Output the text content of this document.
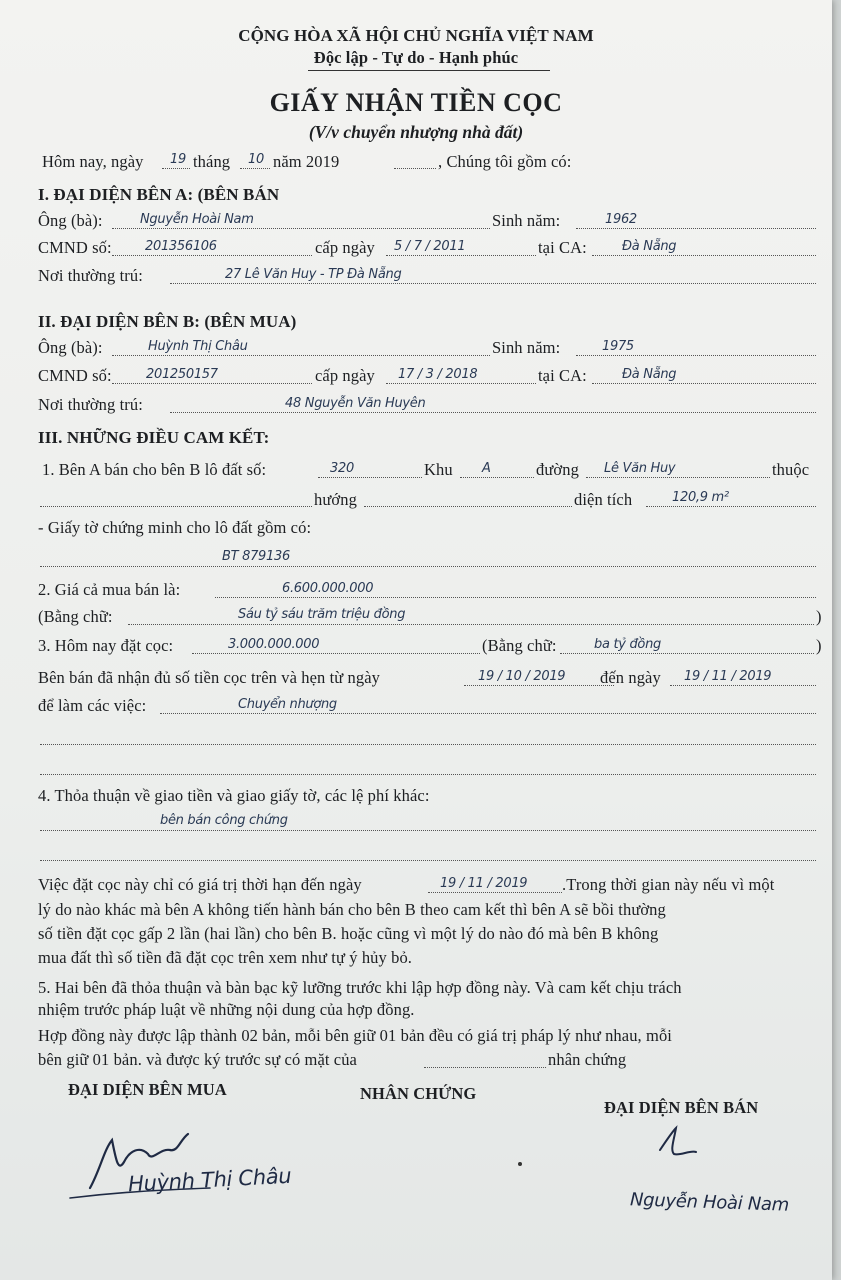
CỘNG HÒA XÃ HỘI CHỦ NGHĨA VIỆT NAM
Độc lập - Tự do - Hạnh phúc
GIẤY NHẬN TIỀN CỌC
(V/v chuyển nhượng nhà đất)
Hôm nay, ngày 19 tháng 10 năm 2019	, Chúng tôi gồm có:
I. ĐẠI DIỆN BÊN A: (BÊN BÁN
Ông (bà):	Nguyễn Hoài Nam	Sinh năm:	1962
CMND số:	201356106	cấp ngày 5 / 7 / 2011	tại CA:	Đà Nẵng
Nơi thường trú:	27 Lê Văn Huy - TP Đà Nẵng
II. ĐẠI DIỆN BÊN B: (BÊN MUA)
Ông (bà):	Huỳnh Thị Châu	Sinh năm:	1975
CMND số:	201250157	cấp ngày 17 / 3 / 2018	tại CA:	Đà Nẵng
Nơi thường trú:	48 Nguyễn Văn Huyên
III. NHỮNG ĐIỀU CAM KẾT:
1. Bên A bán cho bên B lô đất số:	320	Khu A	đường Lê Văn Huy	thuộc
hướng	diện tích	120,9 m²
- Giấy tờ chứng minh cho lô đất gồm có:
BT 879136
2. Giá cả mua bán là:	6.600.000.000
(Bằng chữ:	Sáu tỷ sáu trăm triệu đồng	)
3. Hôm nay đặt cọc:	3.000.000.000	(Bằng chữ:	ba tỷ đồng	)
Bên bán đã nhận đủ số tiền cọc trên và hẹn từ ngày	19 / 10 / 2019 đến ngày 19 / 11 / 2019
để làm các việc:	Chuyển nhượng
4. Thỏa thuận về giao tiền và giao giấy tờ, các lệ phí khác:
bên bán công chứng
Việc đặt cọc này chỉ có giá trị thời hạn đến ngày	19 / 11 / 2019 .Trong thời gian này nếu vì một
lý do nào khác mà bên A không tiến hành bán cho bên B theo cam kết thì bên A sẽ bồi thường
số tiền đặt cọc gấp 2 lần (hai lần) cho bên B. hoặc cũng vì một lý do nào đó mà bên B không
mua đất thì số tiền đã đặt cọc trên xem như tự ý hủy bỏ.
5. Hai bên đã thỏa thuận và bàn bạc kỹ lưỡng trước khi lập hợp đồng này. Và cam kết chịu trách
nhiệm trước pháp luật về những nội dung của hợp đồng.
Hợp đồng này được lập thành 02 bản, mỗi bên giữ 01 bản đều có giá trị pháp lý như nhau, mỗi
bên giữ 01 bản. và được ký trước sự có mặt của	nhân chứng
ĐẠI DIỆN BÊN MUA	NHÂN CHỨNG
ĐẠI DIỆN BÊN BÁN
Huỳnh Thị Châu
Nguyễn Hoài Nam
